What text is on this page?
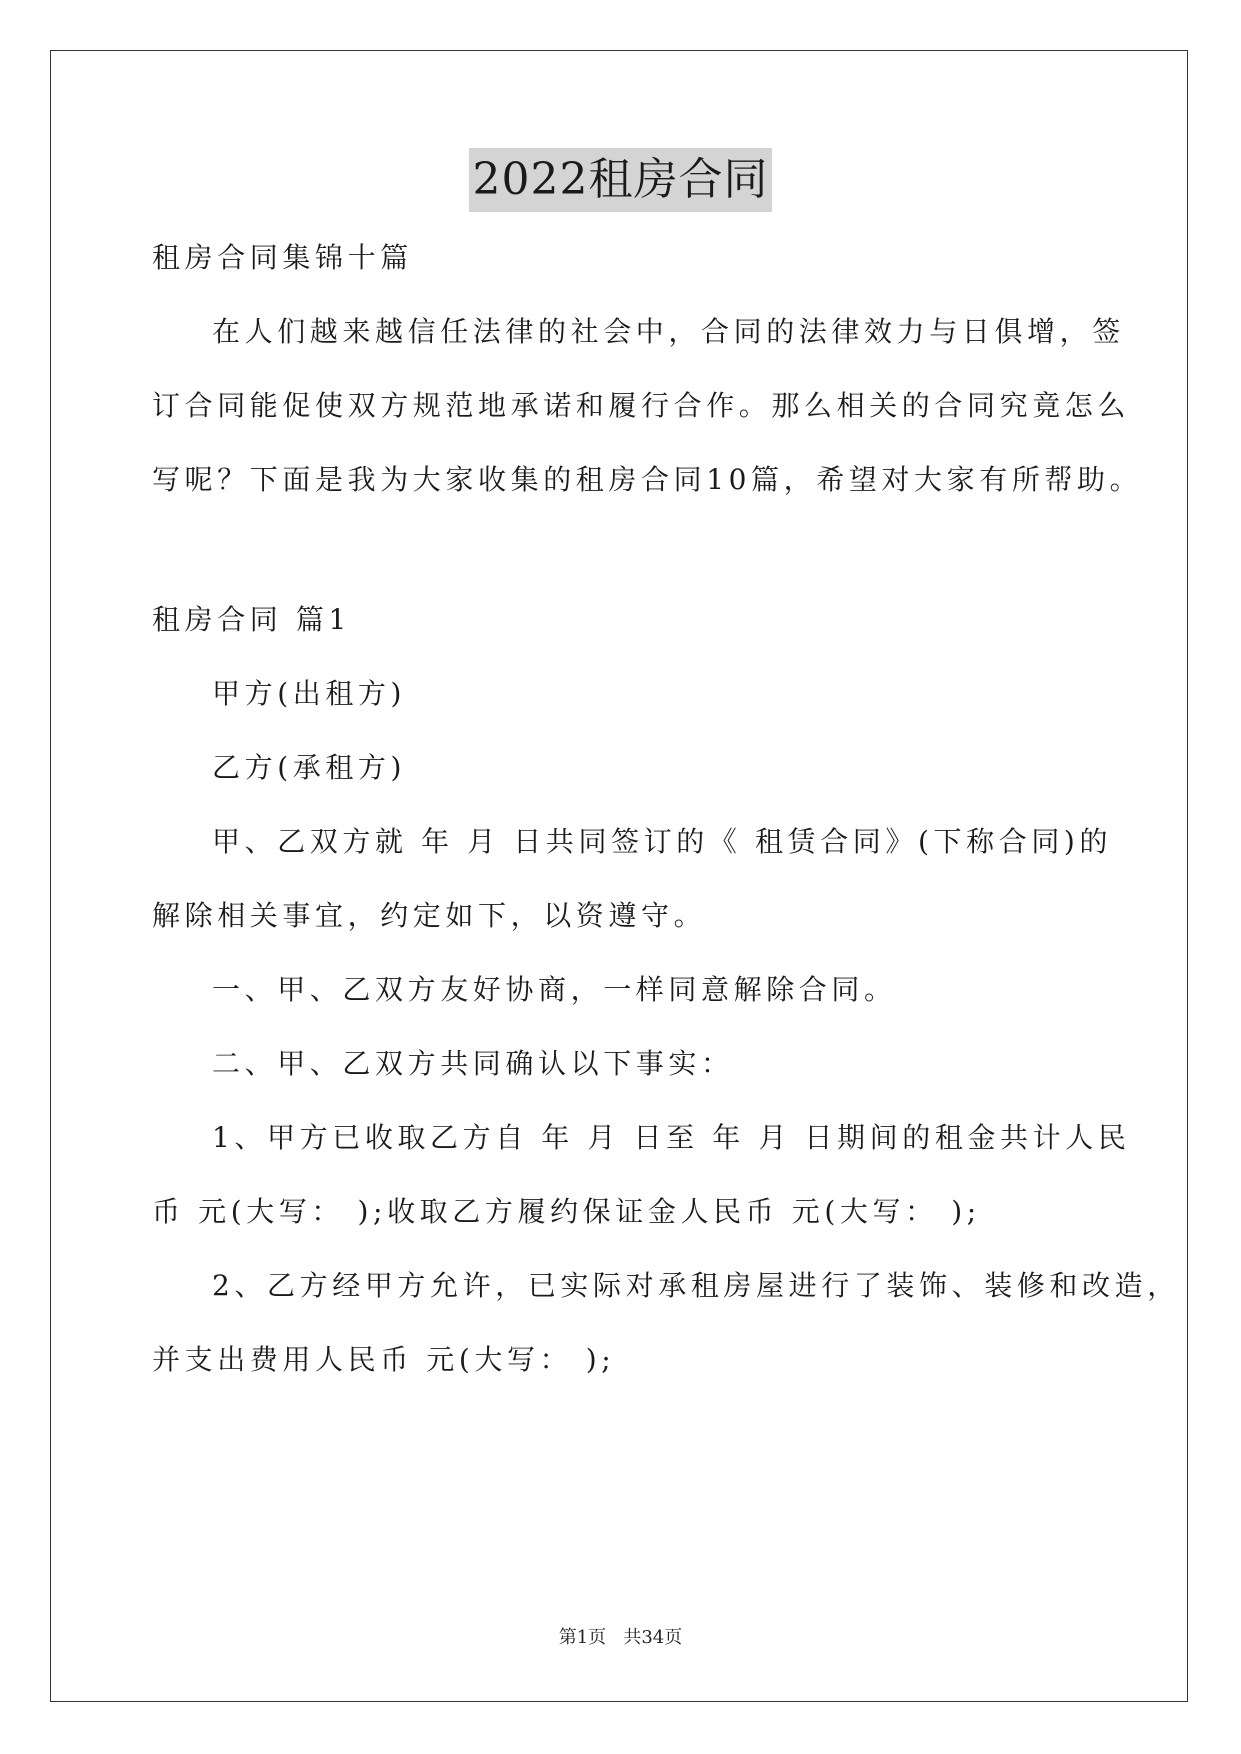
2022租房合同
租房合同集锦十篇
在人们越来越信任法律的社会中，合同的法律效力与日俱增，签
订合同能促使双方规范地承诺和履行合作。那么相关的合同究竟怎么
写呢？下面是我为大家收集的租房合同10篇，希望对大家有所帮助。
租房合同 篇1
甲方(出租方)
乙方(承租方)
甲、乙双方就 年 月 日共同签订的《 租赁合同》(下称合同)的
解除相关事宜，约定如下，以资遵守。
一、甲、乙双方友好协商，一样同意解除合同。
二、甲、乙双方共同确认以下事实：
1、甲方已收取乙方自 年 月 日至 年 月 日期间的租金共计人民
币 元(大写： );收取乙方履约保证金人民币 元(大写： );
2、乙方经甲方允许，已实际对承租房屋进行了装饰、装修和改造，
并支出费用人民币 元(大写： );
第1页   共34页
